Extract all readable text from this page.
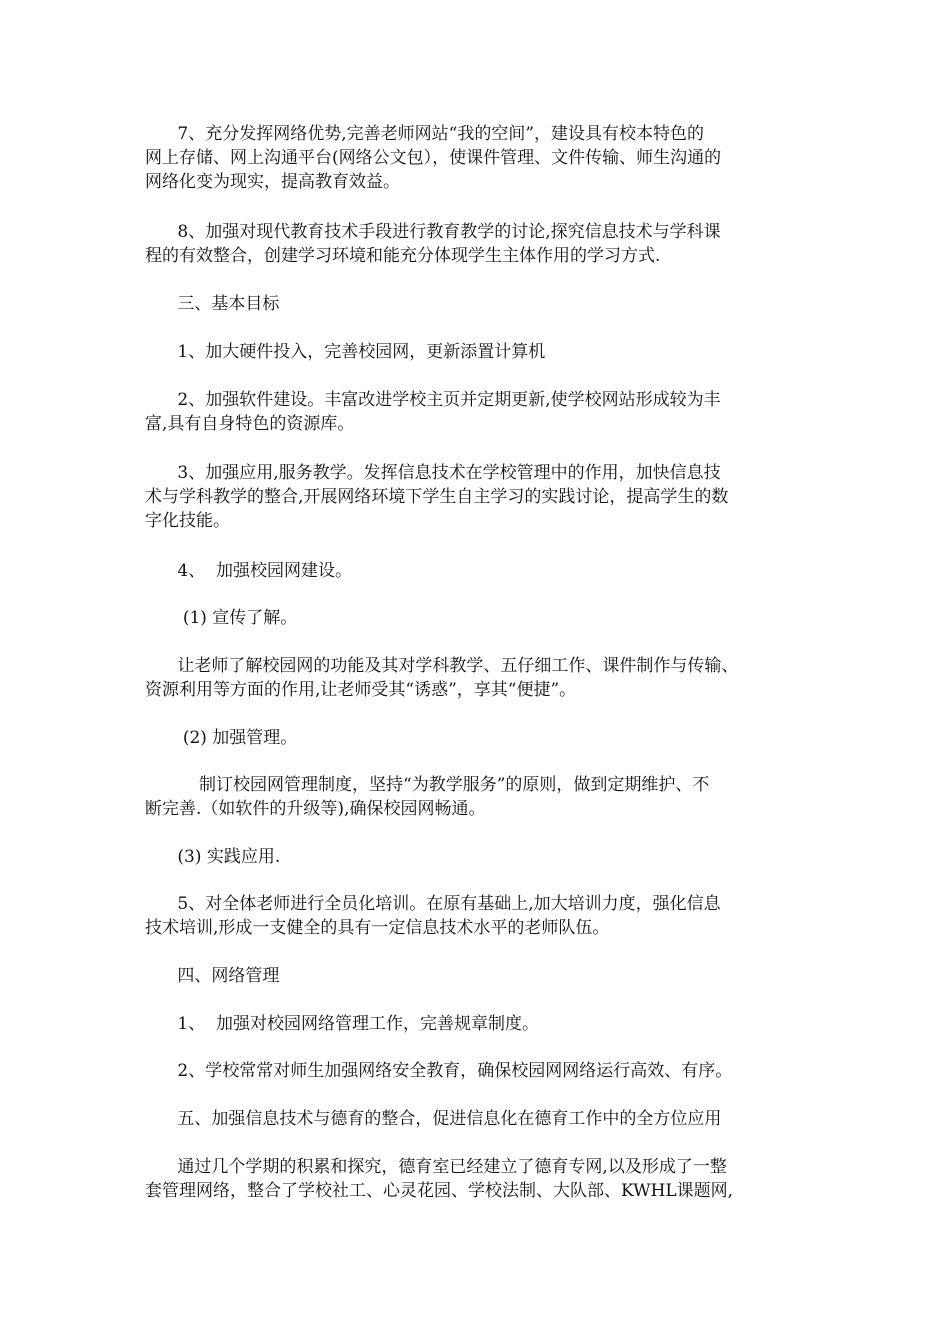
7、充分发挥网络优势,完善老师网站“我的空间”，建设具有校本特色的
网上存储、网上沟通平台(网络公文包），使课件管理、文件传输、师生沟通的
网络化变为现实，提高教育效益。

8、加强对现代教育技术手段进行教育教学的讨论,探究信息技术与学科课
程的有效整合，创建学习环境和能充分体现学生主体作用的学习方式.

三、基本目标

1、加大硬件投入，完善校园网，更新添置计算机

2、加强软件建设。丰富改进学校主页并定期更新,使学校网站形成较为丰
富,具有自身特色的资源库。

3、加强应用,服务教学。发挥信息技术在学校管理中的作用，加快信息技
术与学科教学的整合,开展网络环境下学生自主学习的实践讨论，提高学生的数
字化技能。

4、  加强校园网建设。

(1) 宣传了解。

让老师了解校园网的功能及其对学科教学、五仔细工作、课件制作与传输、
资源利用等方面的作用,让老师受其“诱惑”，享其“便捷”。

(2) 加强管理。

制订校园网管理制度，坚持“为教学服务”的原则，做到定期维护、不
断完善.（如软件的升级等),确保校园网畅通。

(3) 实践应用.

5、对全体老师进行全员化培训。在原有基础上,加大培训力度，强化信息
技术培训,形成一支健全的具有一定信息技术水平的老师队伍。

四、网络管理

1、  加强对校园网络管理工作，完善规章制度。

2、学校常常对师生加强网络安全教育，确保校园网网络运行高效、有序。

五、加强信息技术与德育的整合，促进信息化在德育工作中的全方位应用

通过几个学期的积累和探究，德育室已经建立了德育专网,以及形成了一整
套管理网络，整合了学校社工、心灵花园、学校法制、大队部、KWHL课题网,
